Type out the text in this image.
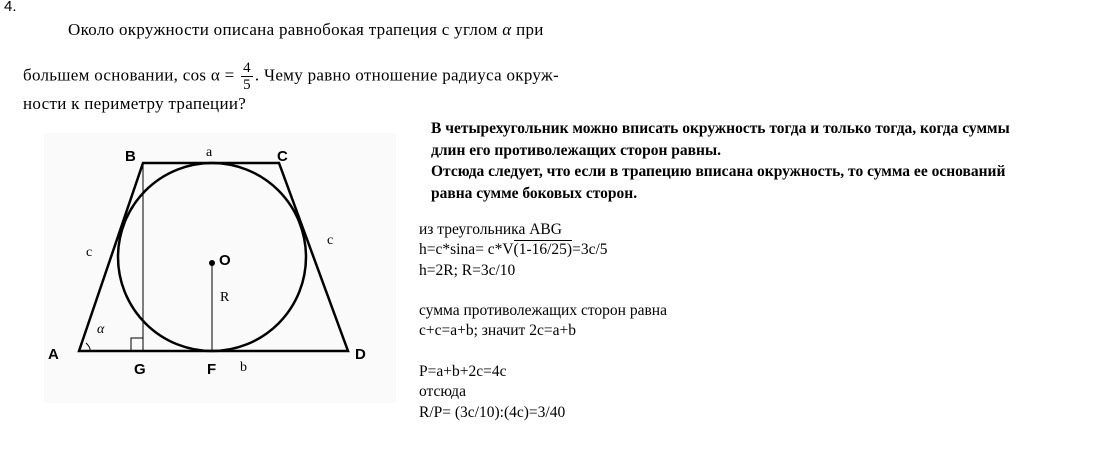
4.
Около окружности описана равнобокая трапеция с углом α при
большем основании, $\cos \alpha = \frac{4}{5}$ . Чему равно отношение радиуса окруж-
ности к периметру трапеции?
A
B	C
D
G	F
O
R
a
b
c
c
α
В четырехугольник можно вписать окружность тогда и только тогда, когда суммы
длин его противолежащих сторон равны.
Отсюда следует, что если в трапецию вписана окружность, то сумма ее оснований
равна сумме боковых сторон.
из треугольника ABG
h=c*sina= c*V(1-16/25)=3c/5
h=2R; R=3c/10
сумма противолежащих сторон равна
c+c=a+b; значит 2c=a+b
P=a+b+2c=4c
отсюда
R/P= (3c/10):(4c)=3/40
